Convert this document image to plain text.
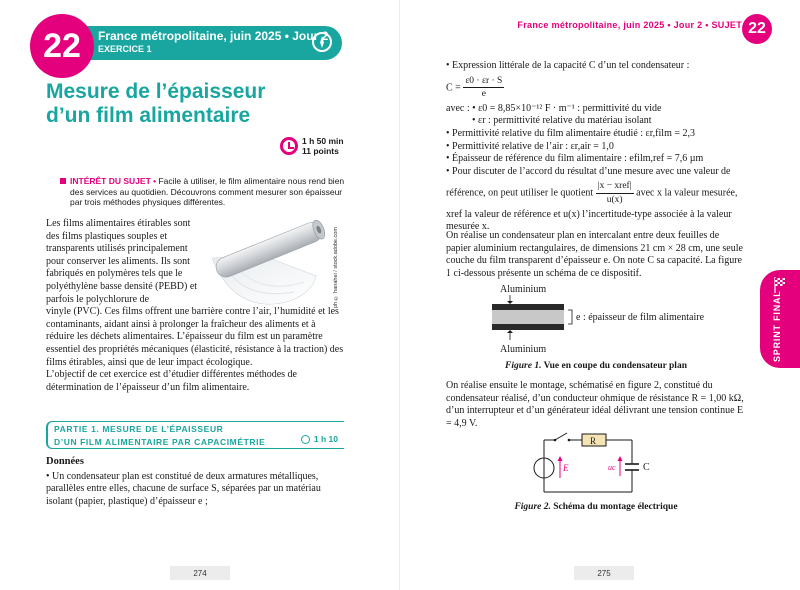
22	France métropolitaine, juin 2025 • Jour 2
EXERCICE 1
Mesure de l’épaisseur
d’un film alimentaire
1 h 50 min
11 points
INTÉRÊT DU SUJET • Facile à utiliser, le film alimentaire nous rend bien des services au quotidien. Découvrons comment mesurer son épaisseur par trois méthodes physiques différentes.
Les films alimentaires étirables sont des films plastiques souples et transparents utilisés principalement pour conserver les aliments. Ils sont fabriqués en polymères tels que le polyéthylène basse densité (PEBD) et parfois le polychlorure de
vinyle (PVC). Ces films offrent une barrière contre l’air, l’humidité et les contaminants, aidant ainsi à prolonger la fraîcheur des aliments et à réduire les déchets alimentaires. L’épaisseur du film est un paramètre essentiel des propriétés mécaniques (élasticité, résistance à la traction) des films étirables, ainsi que de leur impact écologique.
L’objectif de cet exercice est d’étudier différentes méthodes de détermination de l’épaisseur d’un film alimentaire.
ph © hanahei / stock.adobe.com
PARTIE 1. MESURE DE L’ÉPAISSEUR
D’UN FILM ALIMENTAIRE PAR CAPACIMÉTRIE	1 h 10
Données
• Un condensateur plan est constitué de deux armatures métalliques, parallèles entre elles, chacune de surface S, séparées par un matériau isolant (papier, plastique) d’épaisseur e ;
274
France métropolitaine, juin 2025 • Jour 2 • SUJET 22
• Expression littérale de la capacité C d’un tel condensateur :
$C = \frac{\varepsilon 0 \cdot \varepsilon r \cdot S}{e}$
avec : • ε0 = 8,85×10⁻¹² F · m⁻¹ : permittivité du vide
• εr : permittivité relative du matériau isolant
• Permittivité relative du film alimentaire étudié : εr,film = 2,3
• Permittivité relative de l’air : εr,air = 1,0
• Épaisseur de référence du film alimentaire : efilm,ref = 7,6 µm
• Pour discuter de l’accord du résultat d’une mesure avec une valeur de
référence, on peut utiliser le quotient $\frac{\text{|x − xref|}}{u(x)}$ avec x la valeur mesurée,
xref la valeur de référence et u(x) l’incertitude-type associée à la valeur mesurée x.
On réalise un condensateur plan en intercalant entre deux feuilles de papier aluminium rectangulaires, de dimensions 21 cm × 28 cm, une seule couche du film transparent d’épaisseur e. On note C sa capacité. La figure 1 ci-dessous présente un schéma de ce dispositif.
Aluminium
e : épaisseur de film alimentaire
Aluminium
Figure 1. Vue en coupe du condensateur plan
On réalise ensuite le montage, schématisé en figure 2, constitué du condensateur réalisé, d’un conducteur ohmique de résistance R = 1,00 kΩ, d’un interrupteur et d’un générateur idéal délivrant une tension continue E = 4,9 V.
R
E	uc	C
Figure 2. Schéma du montage électrique
SPRINT FINAL
275
